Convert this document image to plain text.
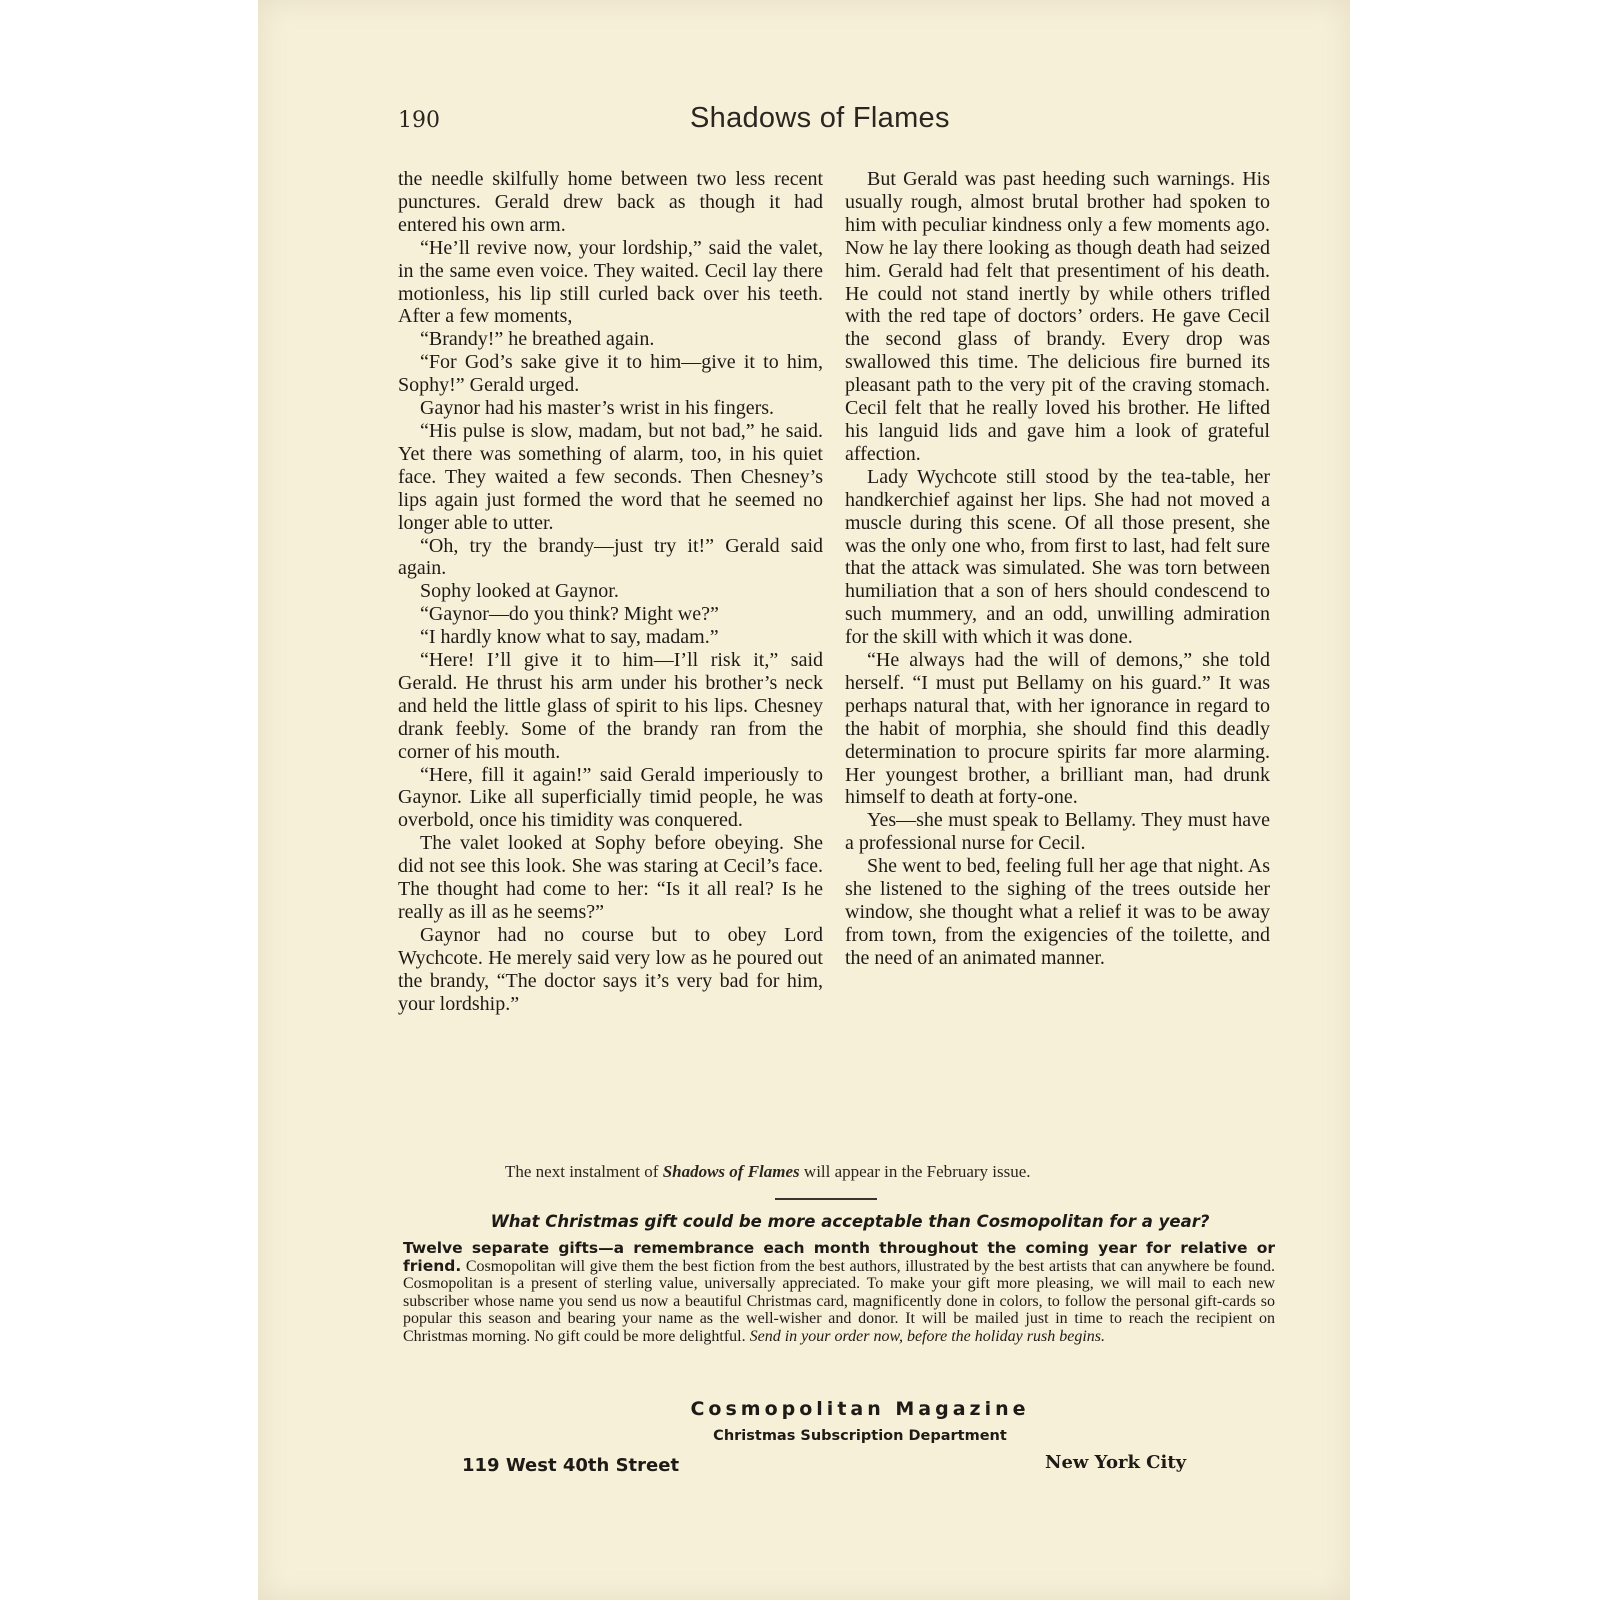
190	Shadows of Flames

the needle skilfully home between two less recent punctures. Gerald drew back as though it had entered his own arm.

“He’ll revive now, your lordship,” said the valet, in the same even voice. They waited. Cecil lay there motionless, his lip still curled back over his teeth. After a few moments,

“Brandy!” he breathed again.

“For God’s sake give it to him—give it to him, Sophy!” Gerald urged.

Gaynor had his master’s wrist in his fingers.

“His pulse is slow, madam, but not bad,” he said. Yet there was something of alarm, too, in his quiet face. They waited a few seconds. Then Chesney’s lips again just formed the word that he seemed no longer able to utter.

“Oh, try the brandy—just try it!” Gerald said again.

Sophy looked at Gaynor.

“Gaynor—do you think? Might we?”

“I hardly know what to say, madam.”

“Here! I’ll give it to him—I’ll risk it,” said Gerald. He thrust his arm under his brother’s neck and held the little glass of spirit to his lips. Chesney drank feebly. Some of the brandy ran from the corner of his mouth.

“Here, fill it again!” said Gerald imperiously to Gaynor. Like all superficially timid people, he was overbold, once his timidity was conquered.

The valet looked at Sophy before obeying. She did not see this look. She was staring at Cecil’s face. The thought had come to her: “Is it all real? Is he really as ill as he seems?”

Gaynor had no course but to obey Lord Wychcote. He merely said very low as he poured out the brandy, “The doctor says it’s very bad for him, your lordship.”

But Gerald was past heeding such warnings. His usually rough, almost brutal brother had spoken to him with peculiar kindness only a few moments ago. Now he lay there looking as though death had seized him. Gerald had felt that presentiment of his death. He could not stand inertly by while others trifled with the red tape of doctors’ orders. He gave Cecil the second glass of brandy. Every drop was swallowed this time. The delicious fire burned its pleasant path to the very pit of the craving stomach. Cecil felt that he really loved his brother. He lifted his languid lids and gave him a look of grateful affection.

Lady Wychcote still stood by the tea-table, her handkerchief against her lips. She had not moved a muscle during this scene. Of all those present, she was the only one who, from first to last, had felt sure that the attack was simulated. She was torn between humiliation that a son of hers should condescend to such mummery, and an odd, unwilling admiration for the skill with which it was done.

“He always had the will of demons,” she told herself. “I must put Bellamy on his guard.” It was perhaps natural that, with her ignorance in regard to the habit of morphia, she should find this deadly determination to procure spirits far more alarming. Her youngest brother, a brilliant man, had drunk himself to death at forty-one.

Yes—she must speak to Bellamy. They must have a professional nurse for Cecil.

She went to bed, feeling full her age that night. As she listened to the sighing of the trees outside her window, she thought what a relief it was to be away from town, from the exigencies of the toilette, and the need of an animated manner.

The next instalment of Shadows of Flames will appear in the February issue.
What Christmas gift could be more acceptable than Cosmopolitan for a year?
Twelve separate gifts—a remembrance each month throughout the coming year for relative or friend. Cosmopolitan will give them the best fiction from the best authors, illustrated by the best artists that can anywhere be found. Cosmopolitan is a present of sterling value, universally appreciated. To make your gift more pleasing, we will mail to each new subscriber whose name you send us now a beautiful Christmas card, magnificently done in colors, to follow the personal gift-cards so popular this season and bearing your name as the well-wisher and donor. It will be mailed just in time to reach the recipient on Christmas morning. No gift could be more delightful. Send in your order now, before the holiday rush begins.
Cosmopolitan Magazine
Christmas Subscription Department
119 West 40th Street	New York City
